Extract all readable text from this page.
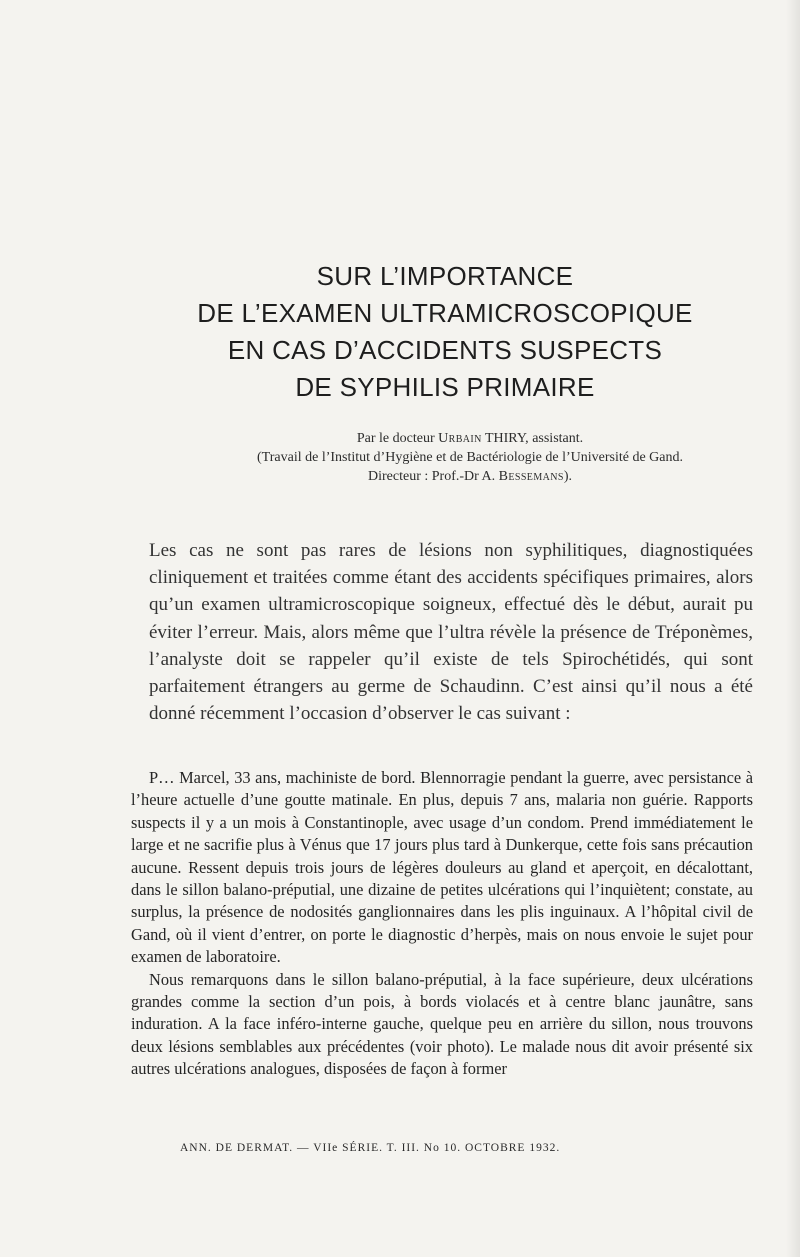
SUR L’IMPORTANCE
DE L’EXAMEN ULTRAMICROSCOPIQUE
EN CAS D’ACCIDENTS SUSPECTS
DE SYPHILIS PRIMAIRE
Par le docteur Urbain THIRY, assistant.
(Travail de l’Institut d’Hygiène et de Bactériologie de l’Université de Gand.
Directeur : Prof.-Dr A. Bessemans).
Les cas ne sont pas rares de lésions non syphilitiques, diagnostiquées cliniquement et traitées comme étant des accidents spécifiques primaires, alors qu’un examen ultramicroscopique soigneux, effectué dès le début, aurait pu éviter l’erreur. Mais, alors même que l’ultra révèle la présence de Tréponèmes, l’analyste doit se rappeler qu’il existe de tels Spirochétidés, qui sont parfaitement étrangers au germe de Schaudinn. C’est ainsi qu’il nous a été donné récemment l’occasion d’observer le cas suivant :

P… Marcel, 33 ans, machiniste de bord. Blennorragie pendant la guerre, avec persistance à l’heure actuelle d’une goutte matinale. En plus, depuis 7 ans, malaria non guérie. Rapports suspects il y a un mois à Constantinople, avec usage d’un condom. Prend immédiatement le large et ne sacrifie plus à Vénus que 17 jours plus tard à Dunkerque, cette fois sans précaution aucune. Ressent depuis trois jours de légères douleurs au gland et aperçoit, en décalottant, dans le sillon balano-préputial, une dizaine de petites ulcérations qui l’inquiètent; constate, au surplus, la présence de nodosités ganglionnaires dans les plis inguinaux. A l’hôpital civil de Gand, où il vient d’entrer, on porte le diagnostic d’herpès, mais on nous envoie le sujet pour examen de laboratoire.

Nous remarquons dans le sillon balano-préputial, à la face supérieure, deux ulcérations grandes comme la section d’un pois, à bords violacés et à centre blanc jaunâtre, sans induration. A la face inféro-interne gauche, quelque peu en arrière du sillon, nous trouvons deux lésions semblables aux précédentes (voir photo). Le malade nous dit avoir présenté six autres ulcérations analogues, disposées de façon à former

ANN. DE DERMAT. — VIIe SÉRIE. T. III. No 10. OCTOBRE 1932.
